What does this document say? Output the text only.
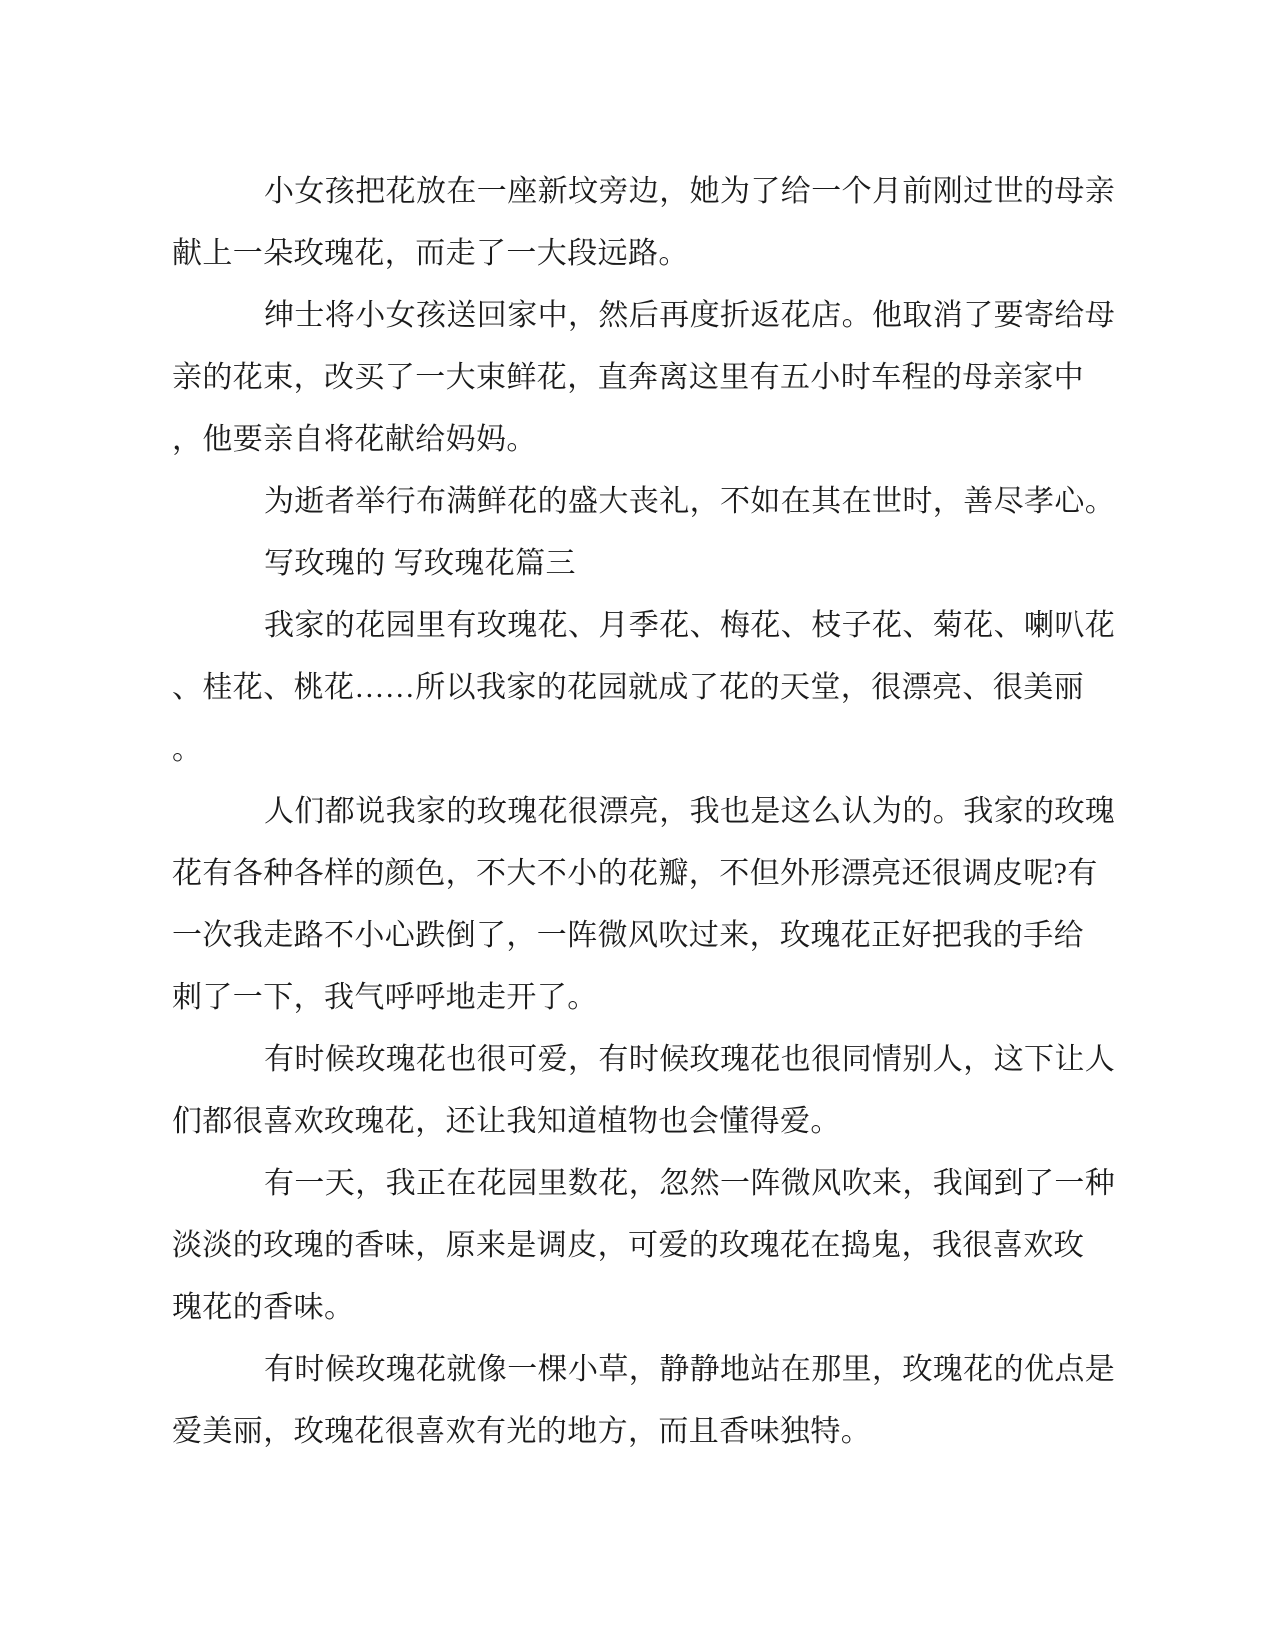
小女孩把花放在一座新坟旁边，她为了给一个月前刚过世的母亲
献上一朵玫瑰花，而走了一大段远路。
绅士将小女孩送回家中，然后再度折返花店。他取消了要寄给母
亲的花束，改买了一大束鲜花，直奔离这里有五小时车程的母亲家中
，他要亲自将花献给妈妈。
为逝者举行布满鲜花的盛大丧礼，不如在其在世时，善尽孝心。
写玫瑰的 写玫瑰花篇三
我家的花园里有玫瑰花、月季花、梅花、枝子花、菊花、喇叭花
、桂花、桃花……所以我家的花园就成了花的天堂，很漂亮、很美丽
。
人们都说我家的玫瑰花很漂亮，我也是这么认为的。我家的玫瑰
花有各种各样的颜色，不大不小的花瓣，不但外形漂亮还很调皮呢?有
一次我走路不小心跌倒了，一阵微风吹过来，玫瑰花正好把我的手给
刺了一下，我气呼呼地走开了。
有时候玫瑰花也很可爱，有时候玫瑰花也很同情别人，这下让人
们都很喜欢玫瑰花，还让我知道植物也会懂得爱。
有一天，我正在花园里数花，忽然一阵微风吹来，我闻到了一种
淡淡的玫瑰的香味，原来是调皮，可爱的玫瑰花在捣鬼，我很喜欢玫
瑰花的香味。
有时候玫瑰花就像一棵小草，静静地站在那里，玫瑰花的优点是
爱美丽，玫瑰花很喜欢有光的地方，而且香味独特。
